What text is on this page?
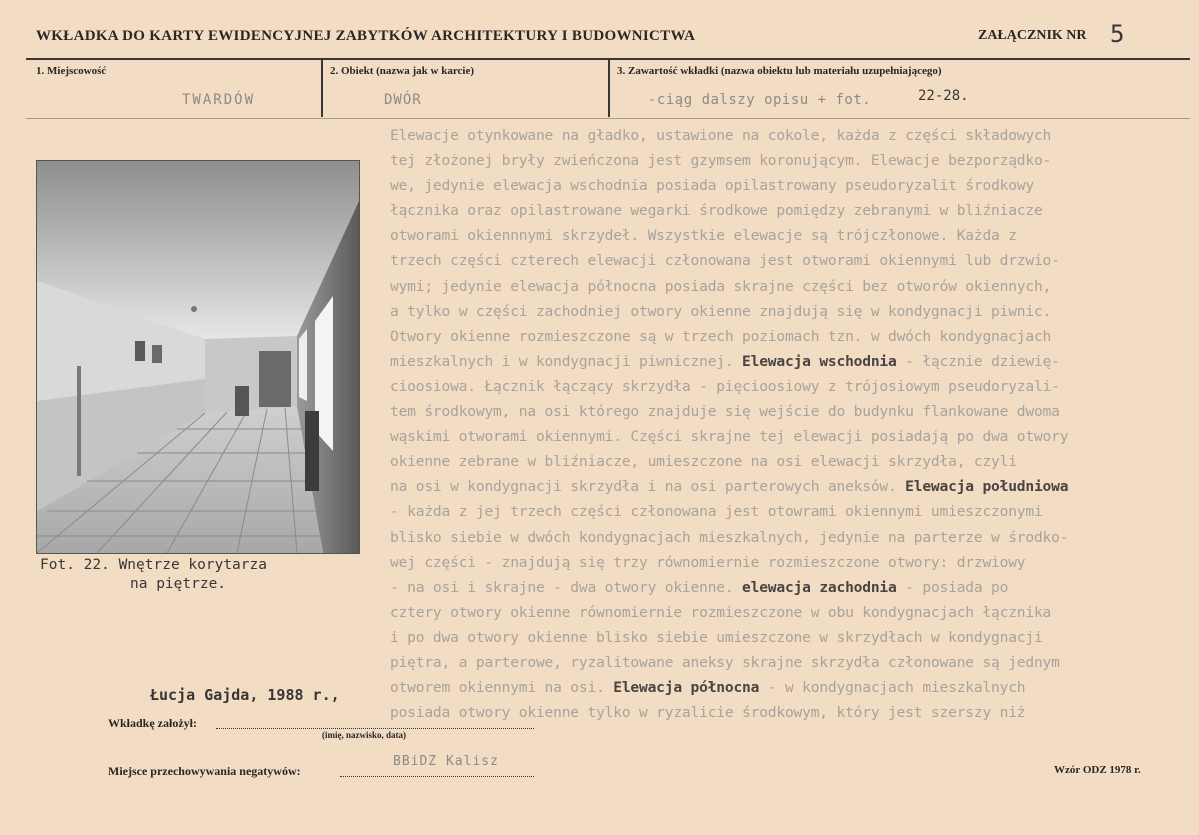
WKŁADKA DO KARTY EWIDENCYJNEJ ZABYTKÓW ARCHITEKTURY I BUDOWNICTWA	ZAŁĄCZNIK NR 5
1. Miejscowość	2. Obiekt (nazwa jak w karcie)	3. Zawartość wkładki (nazwa obiektu lub materiału uzupełniającego)
TWARDÓW	DWÓR	-ciąg dalszy opisu + fot.	22-28.
Fot. 22. Wnętrze korytarza
na piętrze.
Elewacje otynkowane na gładko, ustawione na cokole, każda z części składowych
tej złożonej bryły zwieńczona jest gzymsem koronującym. Elewacje bezporządko-
we, jedynie elewacja wschodnia posiada opilastrowany pseudoryzalit środkowy
łącznika oraz opilastrowane wegarki środkowe pomiędzy zebranymi w bliźniacze
otworami okiennnymi skrzydeł. Wszystkie elewacje są trójczłonowe. Każda z
trzech części czterech elewacji członowana jest otworami okiennymi lub drzwio-
wymi; jedynie elewacja północna posiada skrajne części bez otworów okiennych,
a tylko w części zachodniej otwory okienne znajdują się w kondygnacji piwnic.
Otwory okienne rozmieszczone są w trzech poziomach tzn. w dwóch kondygnacjach
mieszkalnych i w kondygnacji piwnicznej. Elewacja wschodnia - łącznie dziewię-
cioosiowa. Łącznik łączący skrzydła - pięcioosiowy z trójosiowym pseudoryzali-
tem środkowym, na osi którego znajduje się wejście do budynku flankowane dwoma
wąskimi otworami okiennymi. Części skrajne tej elewacji posiadają po dwa otwory
okienne zebrane w bliźniacze, umieszczone na osi elewacji skrzydła, czyli
na osi w kondygnacji skrzydła i na osi parterowych aneksów. Elewacja południowa
- każda z jej trzech części członowana jest otowrami okiennymi umieszczonymi
blisko siebie w dwóch kondygnacjach mieszkalnych, jedynie na parterze w środko-
wej części - znajdują się trzy równomiernie rozmieszczone otwory: drzwiowy
- na osi i skrajne - dwa otwory okienne. elewacja zachodnia - posiada po
cztery otwory okienne równomiernie rozmieszczone w obu kondygnacjach łącznika
i po dwa otwory okienne blisko siebie umieszczone w skrzydłach w kondygnacji
piętra, a parterowe, ryzalitowane aneksy skrajne skrzydła członowane są jednym
otworem okiennymi na osi. Elewacja północna - w kondygnacjach mieszkalnych
posiada otwory okienne tylko w ryzalicie środkowym, który jest szerszy niż
Łucja Gajda, 1988 r.,
Wkładkę założył:
(imię, nazwisko, data)
Miejsce przechowywania negatywów:
BBiDZ Kalisz
Wzór ODZ 1978 r.
